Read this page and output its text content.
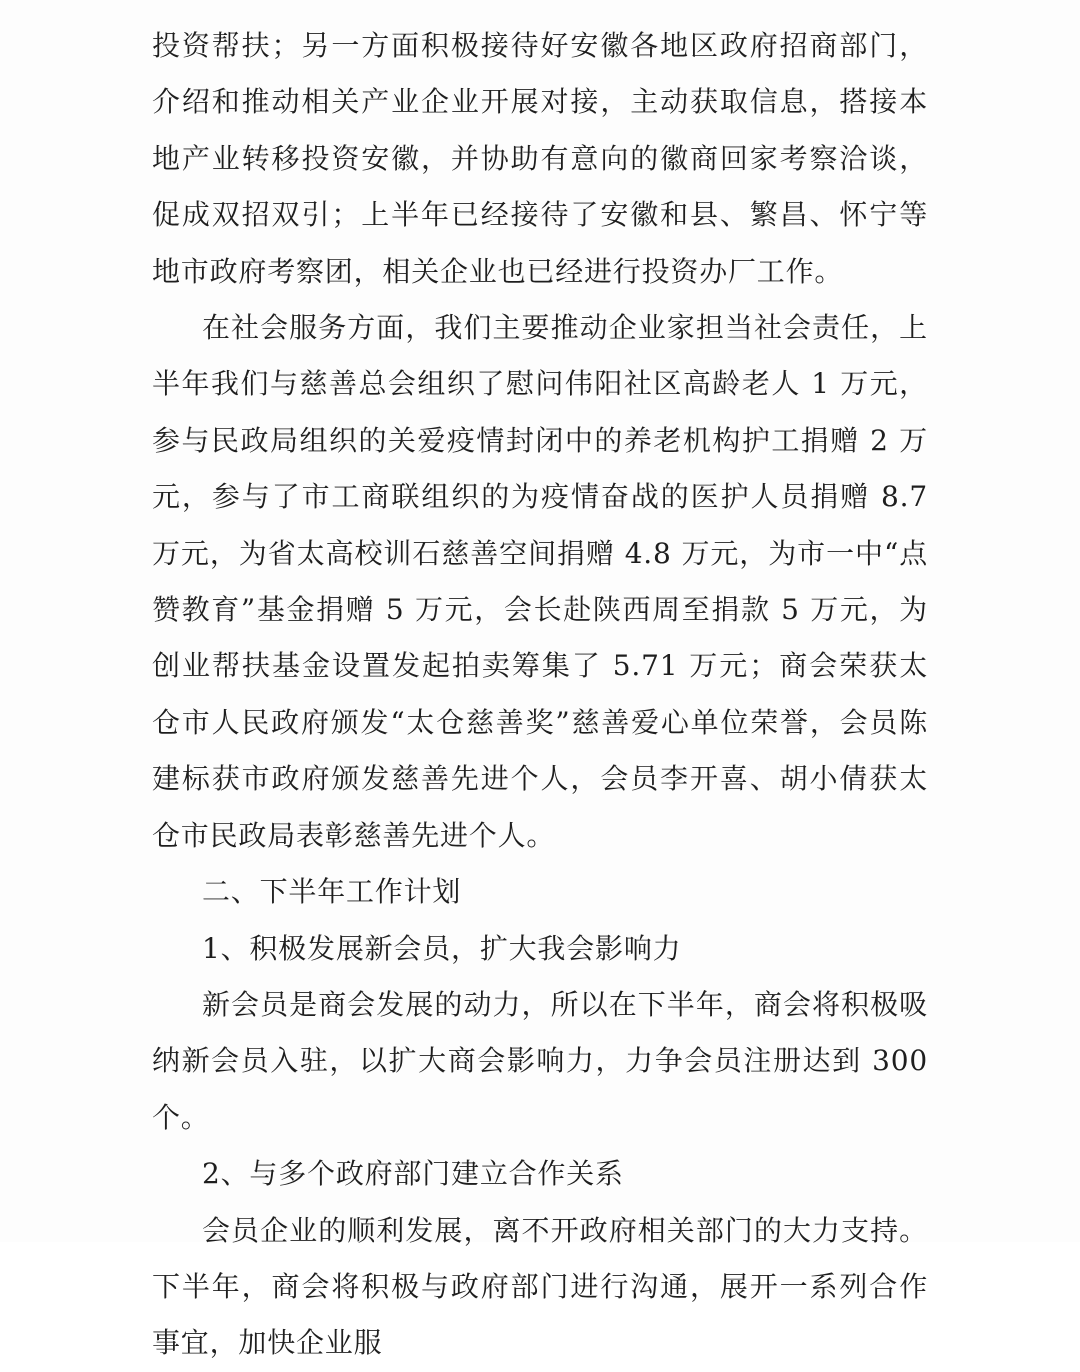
投资帮扶；另一方面积极接待好安徽各地区政府招商部门，介绍和推动相关产业企业开展对接，主动获取信息，搭接本地产业转移投资安徽，并协助有意向的徽商回家考察洽谈，促成双招双引；上半年已经接待了安徽和县、繁昌、怀宁等地市政府考察团，相关企业也已经进行投资办厂工作。

在社会服务方面，我们主要推动企业家担当社会责任，上半年我们与慈善总会组织了慰问伟阳社区高龄老人 1 万元，参与民政局组织的关爱疫情封闭中的养老机构护工捐赠 2 万元，参与了市工商联组织的为疫情奋战的医护人员捐赠 8.7 万元，为省太高校训石慈善空间捐赠 4.8 万元，为市一中“点赞教育”基金捐赠 5 万元，会长赴陕西周至捐款 5 万元，为创业帮扶基金设置发起拍卖筹集了 5.71 万元；商会荣获太仓市人民政府颁发“太仓慈善奖”慈善爱心单位荣誉，会员陈建标获市政府颁发慈善先进个人，会员李开喜、胡小倩获太仓市民政局表彰慈善先进个人。

二、下半年工作计划

1、积极发展新会员，扩大我会影响力

新会员是商会发展的动力，所以在下半年，商会将积极吸纳新会员入驻，以扩大商会影响力，力争会员注册达到 300 个。

2、与多个政府部门建立合作关系

会员企业的顺利发展，离不开政府相关部门的大力支持。下半年，商会将积极与政府部门进行沟通，展开一系列合作事宜，加快企业服
